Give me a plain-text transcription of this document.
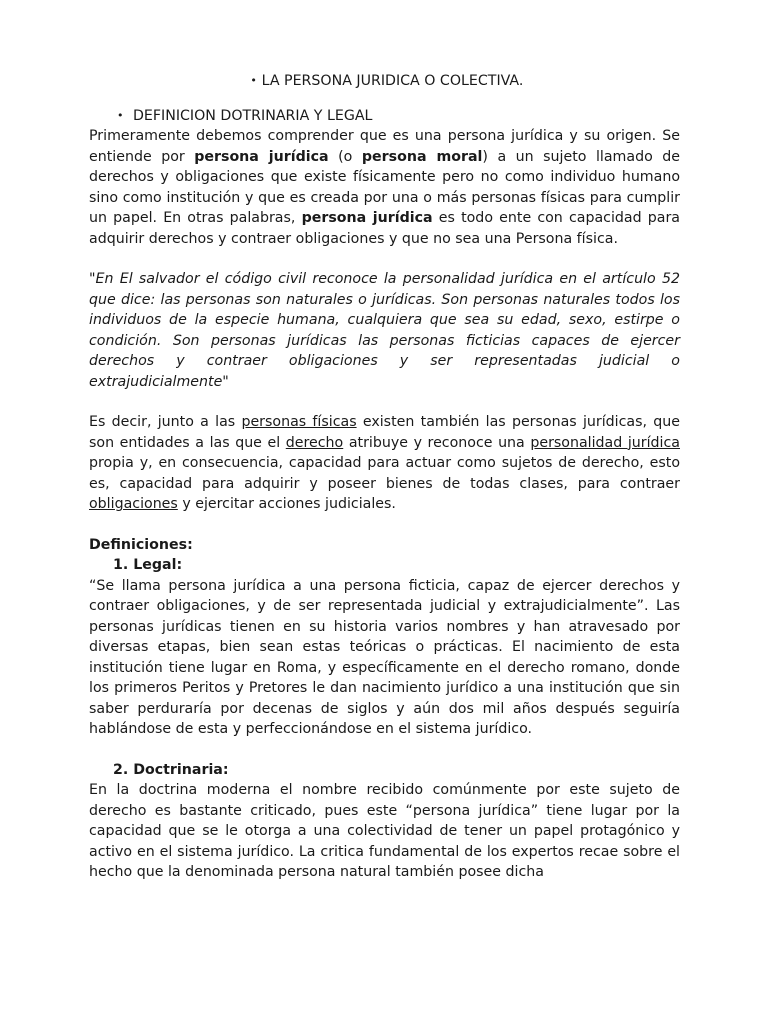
• LA PERSONA JURIDICA O COLECTIVA.
• DEFINICION DOTRINARIA Y LEGAL

Primeramente debemos comprender que es una persona jurídica y su origen. Se entiende por persona jurídica (o persona moral) a un sujeto llamado de derechos y obligaciones que existe físicamente pero no como individuo humano sino como institución y que es creada por una o más personas físicas para cumplir un papel. En otras palabras, persona jurídica es todo ente con capacidad para adquirir derechos y contraer obligaciones y que no sea una Persona física.

"En El salvador el código civil reconoce la personalidad jurídica en el artículo 52 que dice: las personas son naturales o jurídicas. Son personas naturales todos los individuos de la especie humana, cualquiera que sea su edad, sexo, estirpe o condición. Son personas jurídicas las personas ficticias capaces de ejercer derechos y contraer obligaciones y ser representadas judicial o extrajudicialmente"

Es decir, junto a las personas físicas existen también las personas jurídicas, que son entidades a las que el derecho atribuye y reconoce una personalidad jurídica propia y, en consecuencia, capacidad para actuar como sujetos de derecho, esto es, capacidad para adquirir y poseer bienes de todas clases, para contraer obligaciones y ejercitar acciones judiciales.

Definiciones:
1. Legal:

“Se llama persona jurídica a una persona ficticia, capaz de ejercer derechos y contraer obligaciones, y de ser representada judicial y extrajudicialmente”. Las personas jurídicas tienen en su historia varios nombres y han atravesado por diversas etapas, bien sean estas teóricas o prácticas. El nacimiento de esta institución tiene lugar en Roma, y específicamente en el derecho romano, donde los primeros Peritos y Pretores le dan nacimiento jurídico a una institución que sin saber perduraría por decenas de siglos y aún dos mil años después seguiría hablándose de esta y perfeccionándose en el sistema jurídico.

2. Doctrinaria:

En la doctrina moderna el nombre recibido comúnmente por este sujeto de derecho es bastante criticado, pues este “persona jurídica” tiene lugar por la capacidad que se le otorga a una colectividad de tener un papel protagónico y activo en el sistema jurídico. La critica fundamental de los expertos recae sobre el hecho que la denominada persona natural también posee dicha
